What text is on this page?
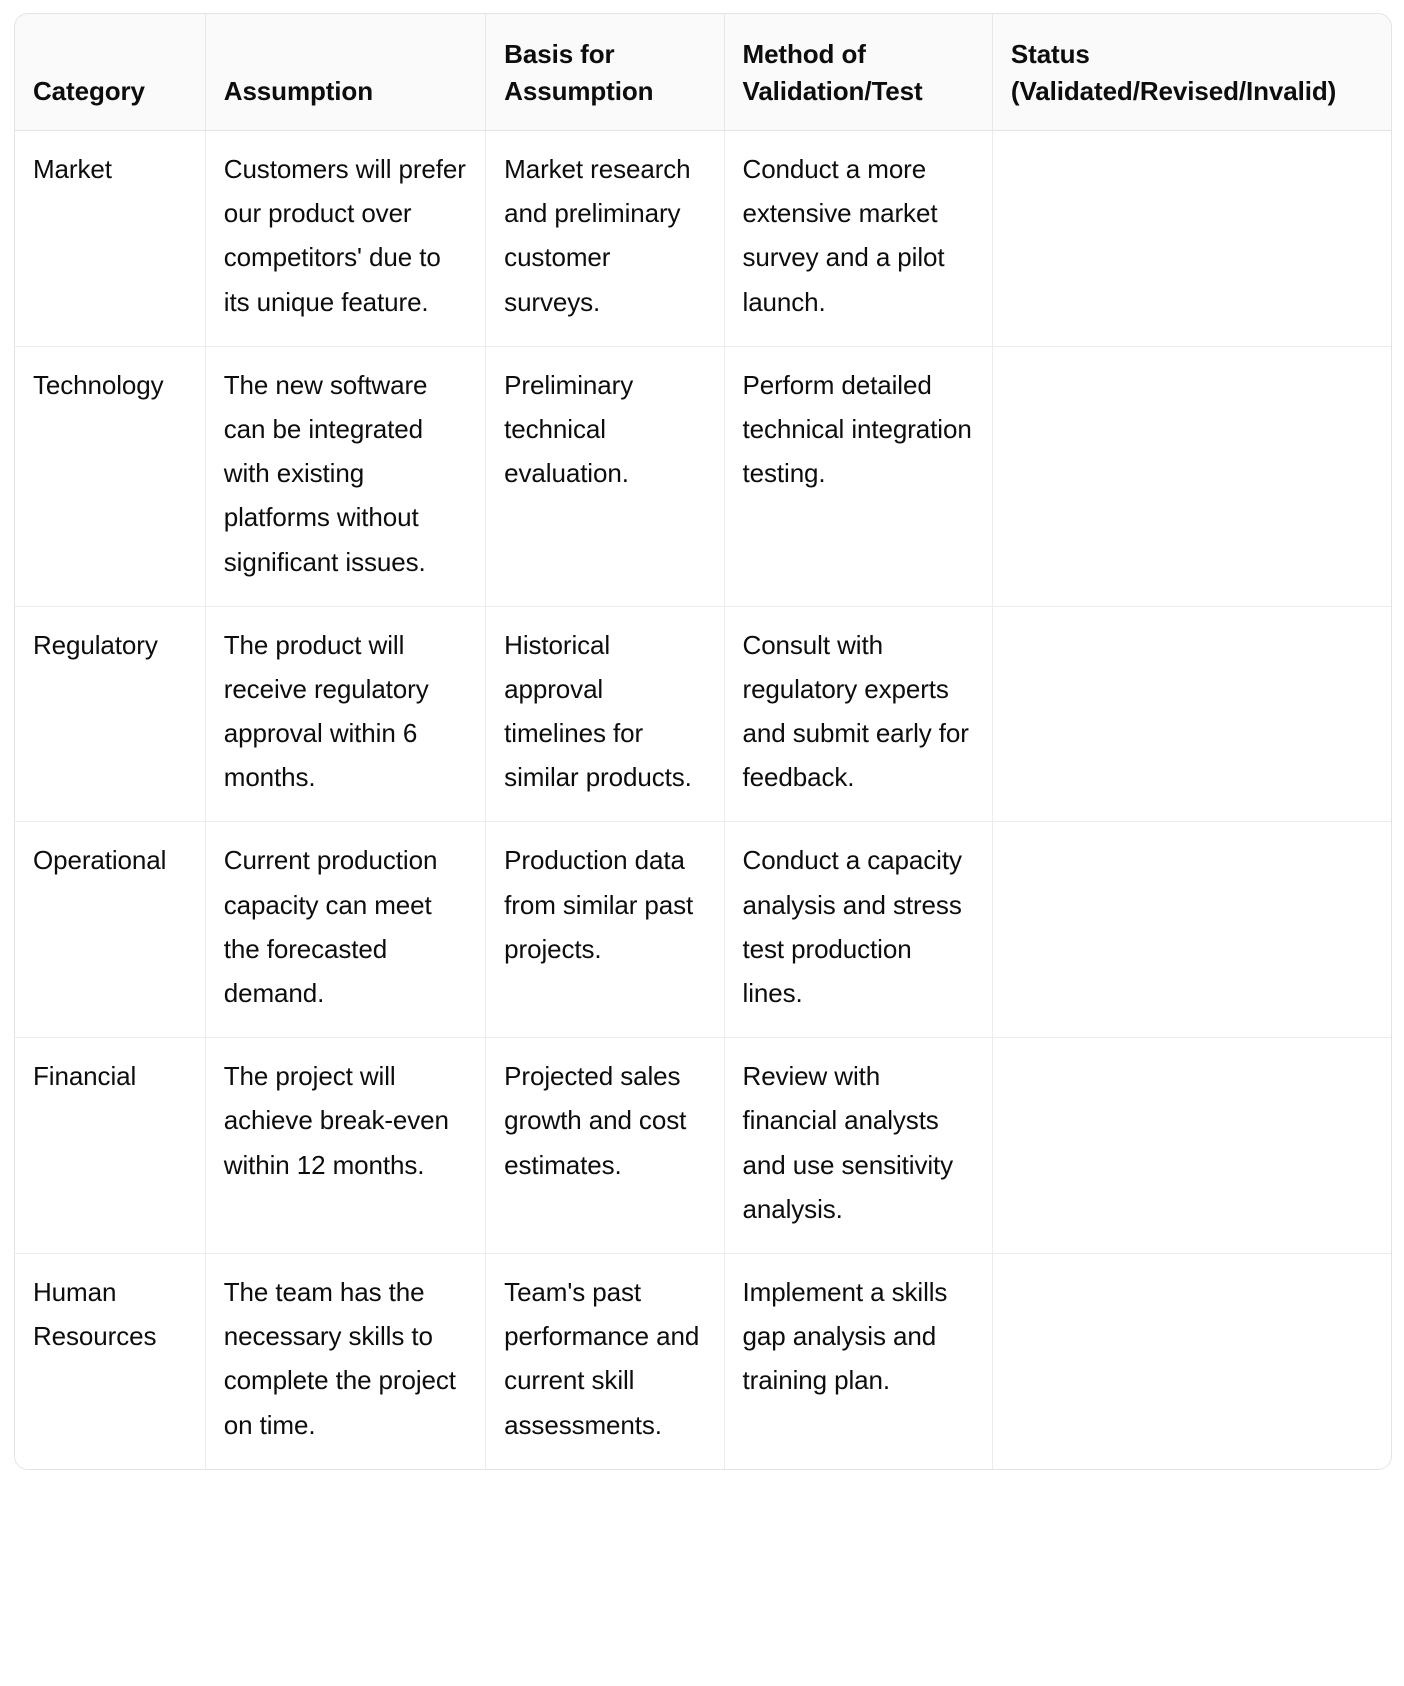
Category	Assumption	Basis for Assumption	Method of Validation/Test	Status (Validated/Revised/Invalid)
Market	Customers will prefer our product over competitors' due to its unique feature.	Market research and preliminary customer surveys.	Conduct a more extensive market survey and a pilot launch.	
Technology	The new software can be integrated with existing platforms without significant issues.	Preliminary technical evaluation.	Perform detailed technical integration testing.	
Regulatory	The product will receive regulatory approval within 6 months.	Historical approval timelines for similar products.	Consult with regulatory experts and submit early for feedback.	
Operational	Current production capacity can meet the forecasted demand.	Production data from similar past projects.	Conduct a capacity analysis and stress test production lines.	
Financial	The project will achieve break-even within 12 months.	Projected sales growth and cost estimates.	Review with financial analysts and use sensitivity analysis.	
Human Resources	The team has the necessary skills to complete the project on time.	Team's past performance and current skill assessments.	Implement a skills gap analysis and training plan.	
